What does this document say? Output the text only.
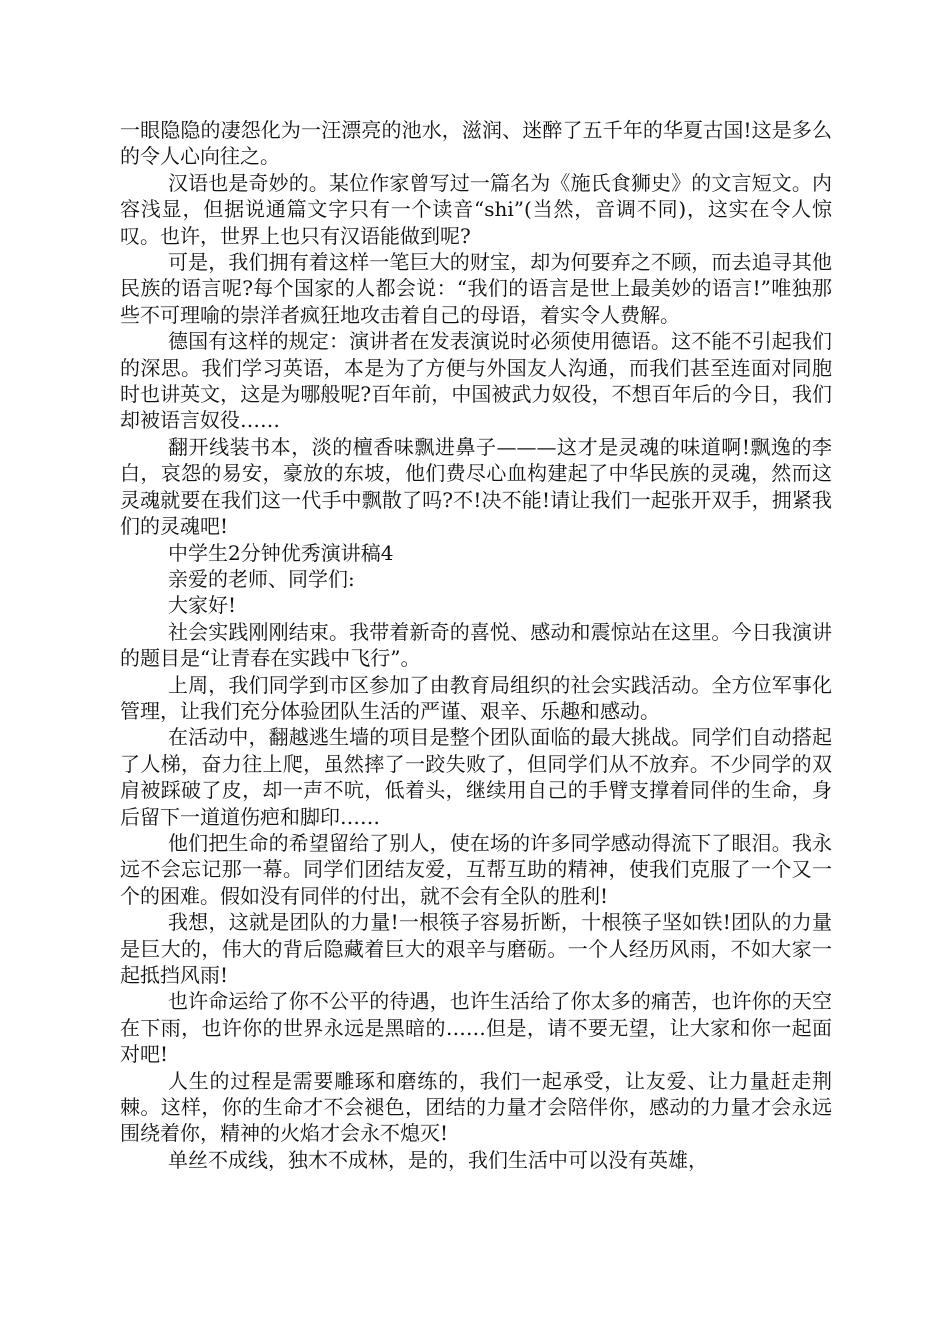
一眼隐隐的凄怨化为一汪漂亮的池水，滋润、迷醉了五千年的华夏古国!这是多么的令人心向往之。

汉语也是奇妙的。某位作家曾写过一篇名为《施氏食狮史》的文言短文。内容浅显，但据说通篇文字只有一个读音“shi”(当然，音调不同)，这实在令人惊叹。也许，世界上也只有汉语能做到呢?

可是，我们拥有着这样一笔巨大的财宝，却为何要弃之不顾，而去追寻其他民族的语言呢?每个国家的人都会说：“我们的语言是世上最美妙的语言!”唯独那些不可理喻的崇洋者疯狂地攻击着自己的母语，着实令人费解。

德国有这样的规定：演讲者在发表演说时必须使用德语。这不能不引起我们的深思。我们学习英语，本是为了方便与外国友人沟通，而我们甚至连面对同胞时也讲英文，这是为哪般呢?百年前，中国被武力奴役，不想百年后的今日，我们却被语言奴役……

翻开线装书本，淡的檀香味飘进鼻子———这才是灵魂的味道啊!飘逸的李白，哀怨的易安，豪放的东坡，他们费尽心血构建起了中华民族的灵魂，然而这灵魂就要在我们这一代手中飘散了吗?不!决不能!请让我们一起张开双手，拥紧我们的灵魂吧!

中学生2分钟优秀演讲稿4

亲爱的老师、同学们:

大家好!

社会实践刚刚结束。我带着新奇的喜悦、感动和震惊站在这里。今日我演讲的题目是“让青春在实践中飞行”。

上周，我们同学到市区参加了由教育局组织的社会实践活动。全方位军事化管理，让我们充分体验团队生活的严谨、艰辛、乐趣和感动。

在活动中，翻越逃生墙的项目是整个团队面临的最大挑战。同学们自动搭起了人梯，奋力往上爬，虽然摔了一跤失败了，但同学们从不放弃。不少同学的双肩被踩破了皮，却一声不吭，低着头，继续用自己的手臂支撑着同伴的生命，身后留下一道道伤疤和脚印……

他们把生命的希望留给了别人，使在场的许多同学感动得流下了眼泪。我永远不会忘记那一幕。同学们团结友爱，互帮互助的精神，使我们克服了一个又一个的困难。假如没有同伴的付出，就不会有全队的胜利!

我想，这就是团队的力量!一根筷子容易折断，十根筷子坚如铁!团队的力量是巨大的，伟大的背后隐藏着巨大的艰辛与磨砺。一个人经历风雨，不如大家一起抵挡风雨!

也许命运给了你不公平的待遇，也许生活给了你太多的痛苦，也许你的天空在下雨，也许你的世界永远是黑暗的……但是，请不要无望，让大家和你一起面对吧!

人生的过程是需要雕琢和磨练的，我们一起承受，让友爱、让力量赶走荆棘。这样，你的生命才不会褪色，团结的力量才会陪伴你，感动的力量才会永远围绕着你，精神的火焰才会永不熄灭!

单丝不成线，独木不成林，是的，我们生活中可以没有英雄，
